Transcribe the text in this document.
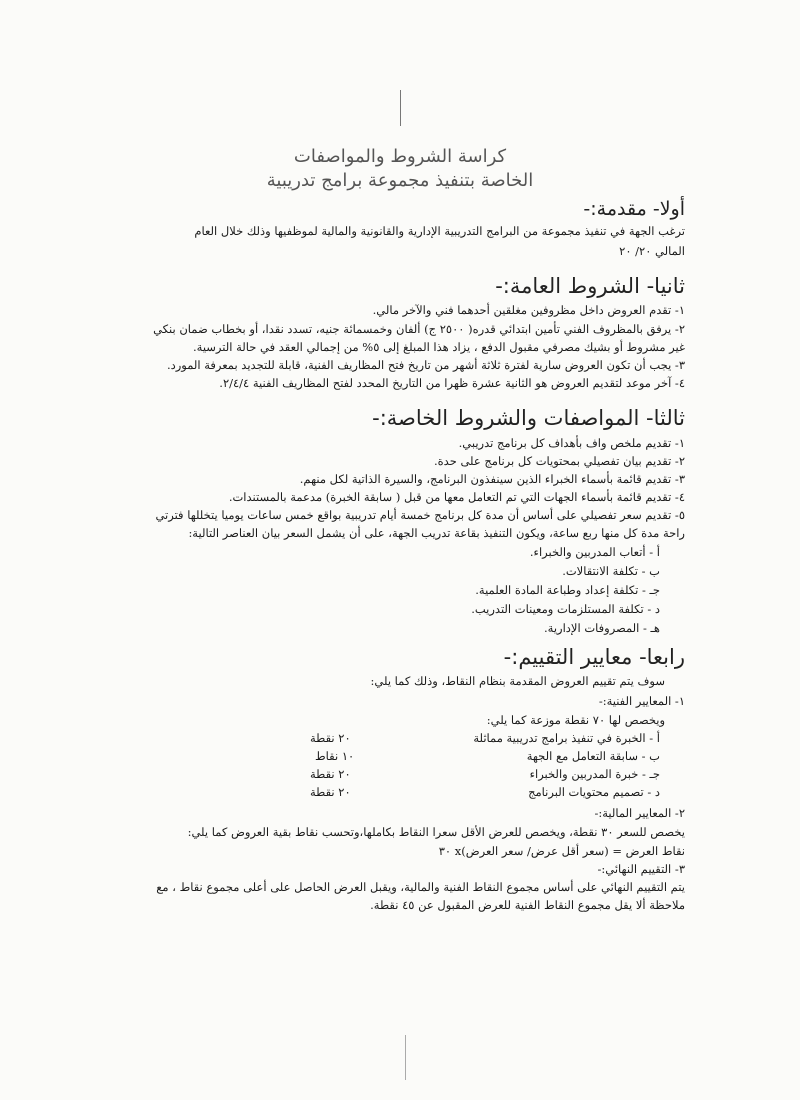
كراسة الشروط والمواصفات
الخاصة بتنفيذ مجموعة برامج تدريبية
أولا- مقدمة:-
ترغب الجهة في تنفيذ مجموعة من البرامج التدريبية الإدارية والقانونية والمالية لموظفيها وذلك خلال العام
المالي ٢٠/ ٢٠
ثانيا- الشروط العامة:-
١- تقدم العروض داخل مظروفين مغلقين أحدهما فني والآخر مالي.
٢- يرفق بالمظروف الفني تأمين ابتدائي قدره( ٢٥٠٠ ج) ألفان وخمسمائة جنيه، تسدد نقدا، أو بخطاب ضمان بنكي
غير مشروط أو بشيك مصرفي مقبول الدفع ، يزاد هذا المبلغ إلى ٥% من إجمالي العقد في حالة الترسية.
٣- يجب أن تكون العروض سارية لفترة ثلاثة أشهر من تاريخ فتح المظاريف الفنية، قابلة للتجديد بمعرفة المورد.
٤- آخر موعد لتقديم العروض هو الثانية عشرة ظهرا من التاريخ المحدد لفتح المظاريف الفنية ٢/٤/٤.
ثالثا- المواصفات والشروط الخاصة:-
١- تقديم ملخص واف بأهداف كل برنامج تدريبي.
٢- تقديم بيان تفصيلي بمحتويات كل برنامج على حدة.
٣- تقديم قائمة بأسماء الخبراء الذين سينفذون البرنامج، والسيرة الذاتية لكل منهم.
٤- تقديم قائمة بأسماء الجهات التي تم التعامل معها من قبل ( سابقة الخبرة) مدعمة بالمستندات.
٥- تقديم سعر تفصيلي على أساس أن مدة كل برنامج خمسة أيام تدريبية بواقع خمس ساعات يوميا يتخللها فترتي
راحة مدة كل منها ربع ساعة، ويكون التنفيذ بقاعة تدريب الجهة، على أن يشمل السعر بيان العناصر التالية:
أ - أتعاب المدربين والخبراء.
ب - تكلفة الانتقالات.
جـ - تكلفة إعداد وطباعة المادة العلمية.
د - تكلفة المستلزمات ومعينات التدريب.
هـ - المصروفات الإدارية.
رابعا- معايير التقييم:-
سوف يتم تقييم العروض المقدمة بنظام النقاط، وذلك كما يلي:
١- المعايير الفنية:-
ويخصص لها ٧٠ نقطة موزعة كما يلي:
أ - الخبرة في تنفيذ برامج تدريبية مماثلة
٢٠ نقطة
ب - سابقة التعامل مع الجهة
١٠ نقاط
جـ - خبرة المدربين والخبراء
٢٠ نقطة
د - تصميم محتويات البرنامج
٢٠ نقطة
٢- المعايير المالية:-
يخصص للسعر ٣٠ نقطة، ويخصص للعرض الأقل سعرا النقاط بكاملها،وتحسب نقاط بقية العروض كما يلي:
نقاط العرض = (سعر أقل عرض/ سعر العرض)x ٣٠
٣- التقييم النهائي:-
يتم التقييم النهائي على أساس مجموع النقاط الفنية والمالية، ويقبل العرض الحاصل على أعلى مجموع نقاط ، مع
ملاحظة ألا يقل مجموع النقاط الفنية للعرض المقبول عن ٤٥ نقطة.
